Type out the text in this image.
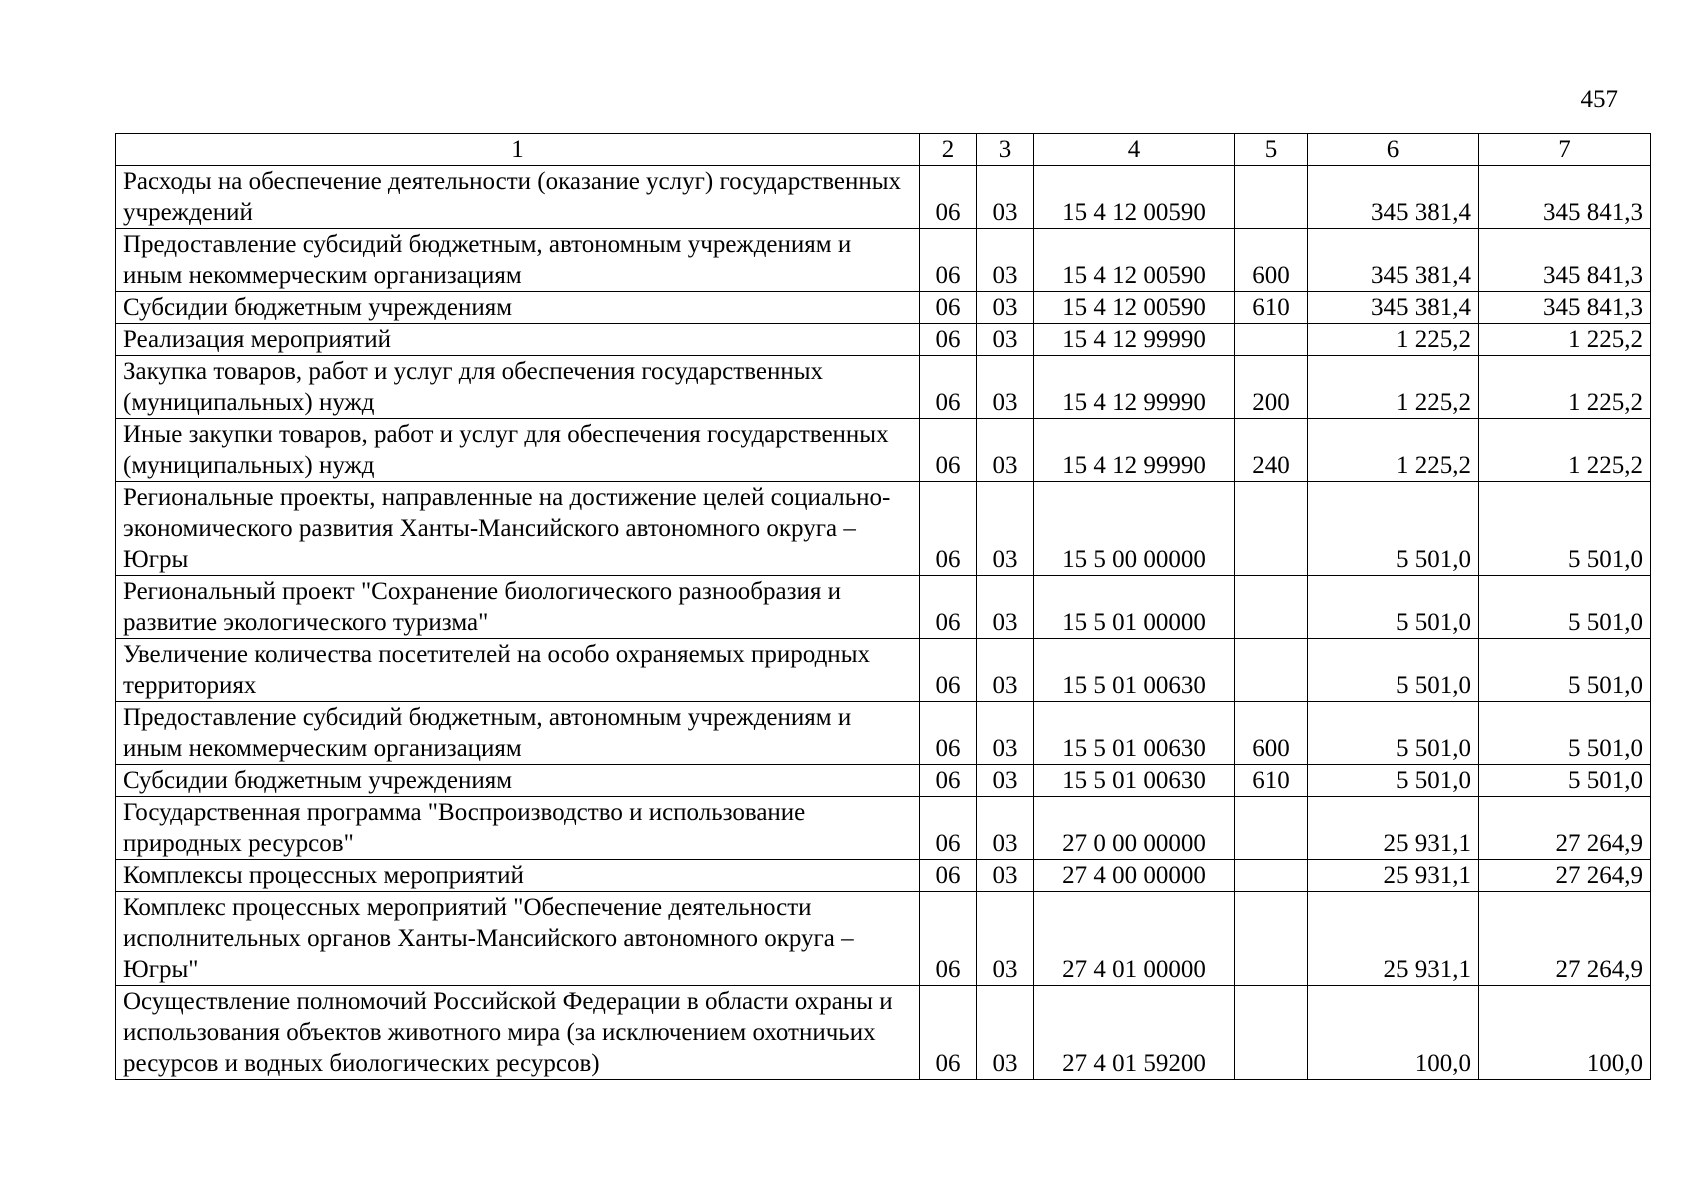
457
1	2	3	4	5	6	7
Расходы на обеспечение деятельности (оказание услуг) государственных учреждений	06	03	15 4 12 00590		345 381,4	345 841,3
Предоставление субсидий бюджетным, автономным учреждениям и иным некоммерческим организациям	06	03	15 4 12 00590	600	345 381,4	345 841,3
Субсидии бюджетным учреждениям	06	03	15 4 12 00590	610	345 381,4	345 841,3
Реализация мероприятий	06	03	15 4 12 99990		1 225,2	1 225,2
Закупка товаров, работ и услуг для обеспечения государственных (муниципальных) нужд	06	03	15 4 12 99990	200	1 225,2	1 225,2
Иные закупки товаров, работ и услуг для обеспечения государственных (муниципальных) нужд	06	03	15 4 12 99990	240	1 225,2	1 225,2
Региональные проекты, направленные на достижение целей социально-экономического развития Ханты-Мансийского автономного округа – Югры	06	03	15 5 00 00000		5 501,0	5 501,0
Региональный проект "Сохранение биологического разнообразия и развитие экологического туризма"	06	03	15 5 01 00000		5 501,0	5 501,0
Увеличение количества посетителей на особо охраняемых природных территориях	06	03	15 5 01 00630		5 501,0	5 501,0
Предоставление субсидий бюджетным, автономным учреждениям и иным некоммерческим организациям	06	03	15 5 01 00630	600	5 501,0	5 501,0
Субсидии бюджетным учреждениям	06	03	15 5 01 00630	610	5 501,0	5 501,0
Государственная программа "Воспроизводство и использование природных ресурсов"	06	03	27 0 00 00000		25 931,1	27 264,9
Комплексы процессных мероприятий	06	03	27 4 00 00000		25 931,1	27 264,9
Комплекс процессных мероприятий "Обеспечение деятельности исполнительных органов Ханты-Мансийского автономного округа – Югры"	06	03	27 4 01 00000		25 931,1	27 264,9
Осуществление полномочий Российской Федерации в области охраны и использования объектов животного мира (за исключением охотничьих ресурсов и водных биологических ресурсов)	06	03	27 4 01 59200		100,0	100,0
